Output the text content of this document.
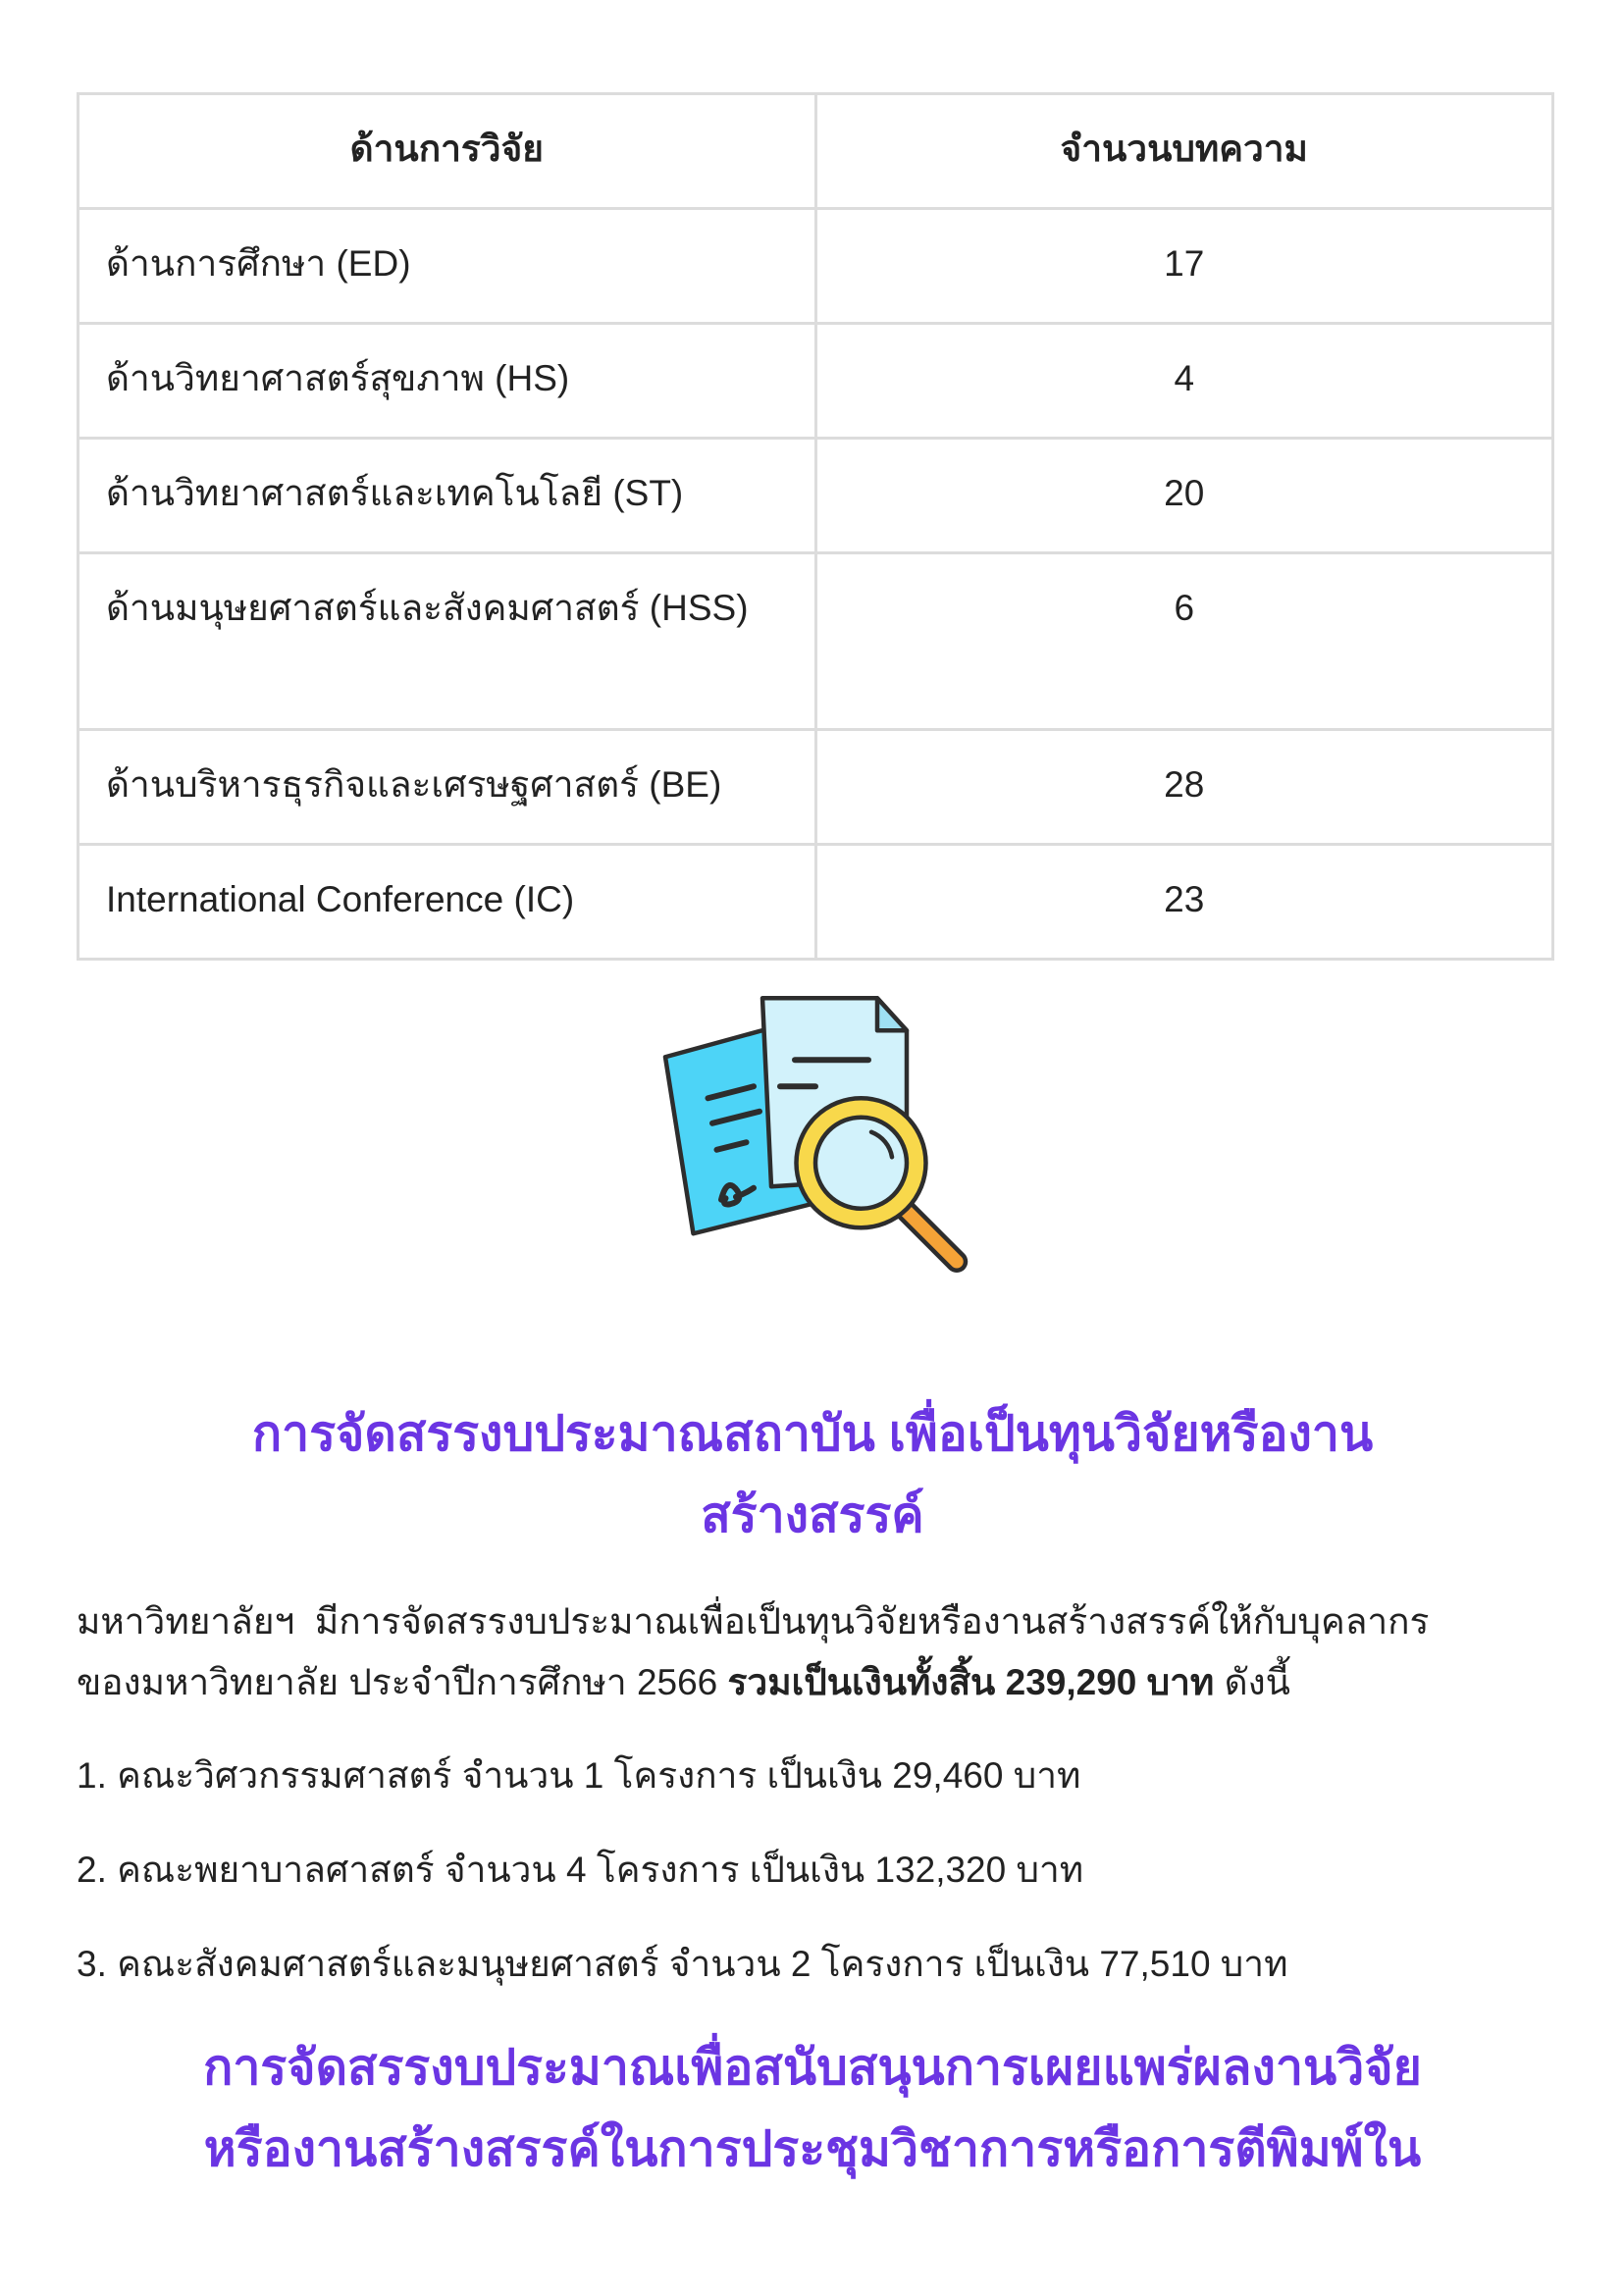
ด้านการวิจัย	จำนวนบทความ
ด้านการศึกษา (ED)	17
ด้านวิทยาศาสตร์สุขภาพ (HS)	4
ด้านวิทยาศาสตร์และเทคโนโลยี (ST)	20
ด้านมนุษยศาสตร์และสังคมศาสตร์ (HSS)	6
ด้านบริหารธุรกิจและเศรษฐศาสตร์ (BE)	28
International Conference (IC)	23
การจัดสรรงบประมาณสถาบัน เพื่อเป็นทุนวิจัยหรืองาน
สร้างสรรค์

มหาวิทยาลัยฯ  มีการจัดสรรงบประมาณเพื่อเป็นทุนวิจัยหรืองานสร้างสรรค์ให้กับบุคลากร
ของมหาวิทยาลัย ประจำปีการศึกษา 2566 รวมเป็นเงินทั้งสิ้น 239,290 บาท ดังนี้

1. คณะวิศวกรรมศาสตร์ จำนวน 1 โครงการ เป็นเงิน 29,460 บาท
2. คณะพยาบาลศาสตร์ จำนวน 4 โครงการ เป็นเงิน 132,320 บาท
3. คณะสังคมศาสตร์และมนุษยศาสตร์ จำนวน 2 โครงการ เป็นเงิน 77,510 บาท
การจัดสรรงบประมาณเพื่อสนับสนุนการเผยแพร่ผลงานวิจัย
หรืองานสร้างสรรค์ในการประชุมวิชาการหรือการตีพิมพ์ใน
